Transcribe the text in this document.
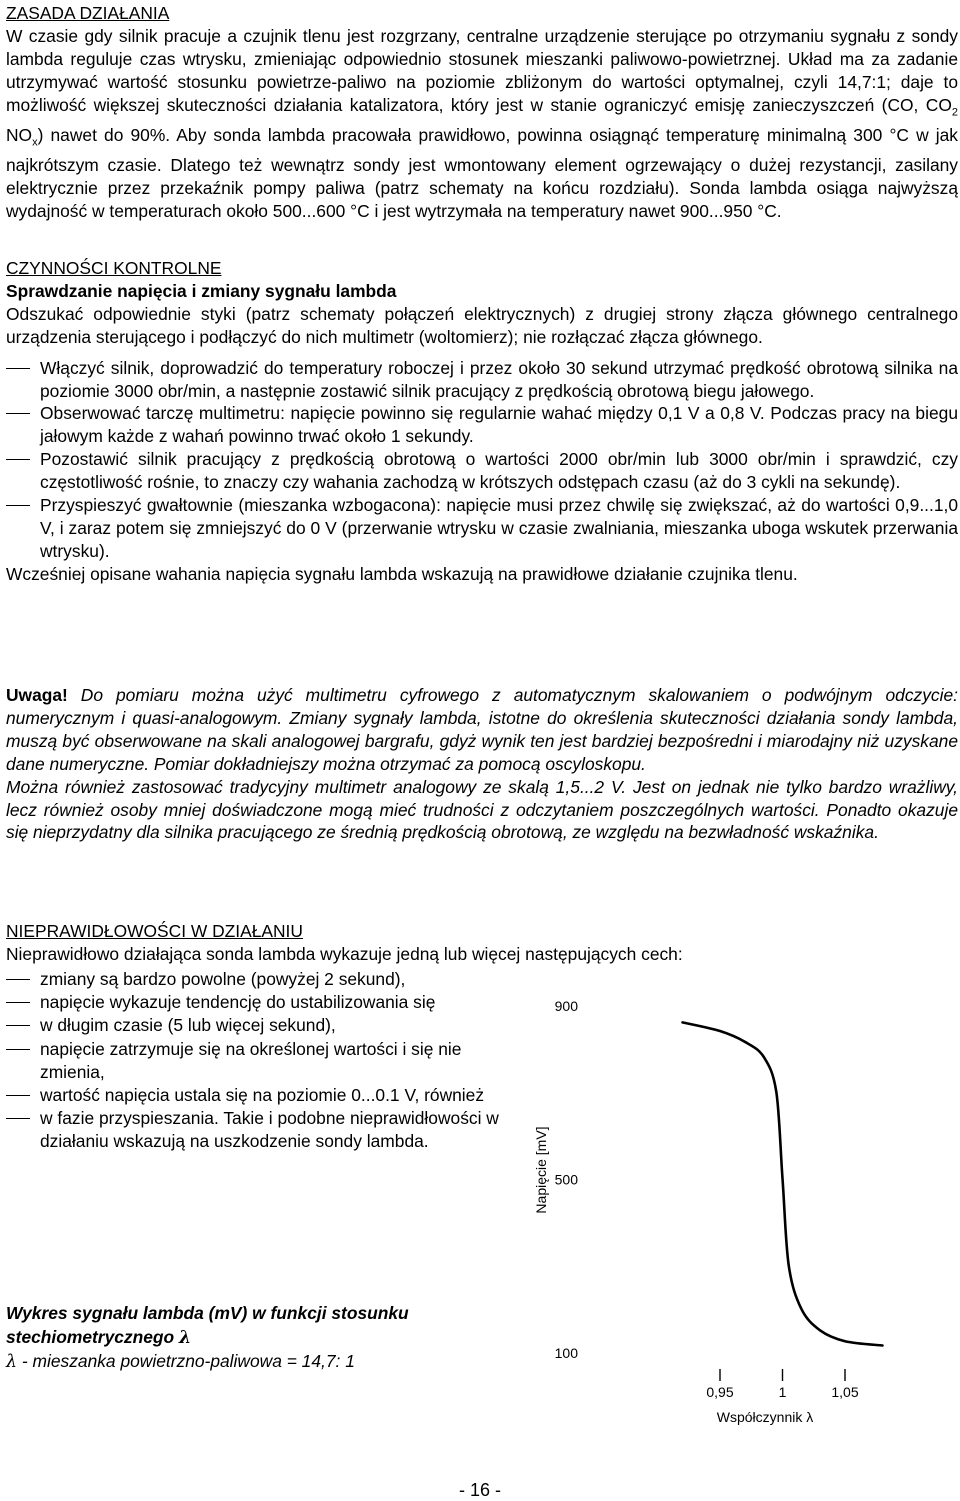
ZASADA DZIAŁANIA

W czasie gdy silnik pracuje a czujnik tlenu jest rozgrzany, centralne urządzenie sterujące po otrzymaniu sygnału z sondy lambda reguluje czas wtrysku, zmieniając odpowiednio stosunek mieszanki paliwowo-powietrznej. Układ ma za zadanie utrzymywać wartość stosunku powietrze-paliwo na poziomie zbliżonym do wartości optymalnej, czyli 14,7:1; daje to możliwość większej skuteczności działania katalizatora, który jest w stanie ograniczyć emisję zanieczyszczeń (CO, $CO_2$ $NO_x$) nawet do 90%. Aby sonda lambda pracowała prawidłowo, powinna osiągnąć temperaturę minimalną 300 °C w jak najkrótszym czasie. Dlatego też wewnątrz sondy jest wmontowany element ogrzewający o dużej rezystancji, zasilany elektrycznie przez przekaźnik pompy paliwa (patrz schematy na końcu rozdziału). Sonda lambda osiąga najwyższą wydajność w temperaturach około 500...600 °C i jest wytrzymała na temperatury nawet 900...950 °C.

CZYNNOŚCI KONTROLNE

Sprawdzanie napięcia i zmiany sygnału lambda

Odszukać odpowiednie styki (patrz schematy połączeń elektrycznych) z drugiej strony złącza głównego centralnego urządzenia sterującego i podłączyć do nich multimetr (woltomierz); nie rozłączać złącza głównego.

Włączyć silnik, doprowadzić do temperatury roboczej i przez około 30 sekund utrzymać prędkość obrotową silnika na poziomie 3000 obr/min, a następnie zostawić silnik pracujący z prędkością obrotową biegu jałowego.
Obserwować tarczę multimetru: napięcie powinno się regularnie wahać między 0,1 V a 0,8 V. Podczas pracy na biegu jałowym każde z wahań powinno trwać około 1 sekundy.
Pozostawić silnik pracujący z prędkością obrotową o wartości 2000 obr/min lub 3000 obr/min i sprawdzić, czy częstotliwość rośnie, to znaczy czy wahania zachodzą w krótszych odstępach czasu (aż do 3 cykli na sekundę).
Przyspieszyć gwałtownie (mieszanka wzbogacona): napięcie musi przez chwilę się zwiększać, aż do wartości 0,9...1,0 V, i zaraz potem się zmniejszyć do 0 V (przerwanie wtrysku w czasie zwalniania, mieszanka uboga wskutek przerwania wtrysku).

Wcześniej opisane wahania napięcia sygnału lambda wskazują na prawidłowe działanie czujnika tlenu.

Uwaga! Do pomiaru można użyć multimetru cyfrowego z automatycznym skalowaniem o podwójnym odczycie: numerycznym i quasi-analogowym. Zmiany sygnały lambda, istotne do określenia skuteczności działania sondy lambda, muszą być obserwowane na skali analogowej bargrafu, gdyż wynik ten jest bardziej bezpośredni i miarodajny niż uzyskane dane numeryczne. Pomiar dokładniejszy można otrzymać za pomocą oscyloskopu.

Można również zastosować tradycyjny multimetr analogowy ze skalą 1,5...2 V. Jest on jednak nie tylko bardzo wrażliwy, lecz również osoby mniej doświadczone mogą mieć trudności z odczytaniem poszczególnych wartości. Ponadto okazuje się nieprzydatny dla silnika pracującego ze średnią prędkością obrotową, ze względu na bezwładność wskaźnika.

NIEPRAWIDŁOWOŚCI W DZIAŁANIU

Nieprawidłowo działająca sonda lambda wykazuje jedną lub więcej następujących cech:

zmiany są bardzo powolne (powyżej 2 sekund),
napięcie wykazuje tendencję do ustabilizowania się
w długim czasie (5 lub więcej sekund),
napięcie zatrzymuje się na określonej wartości i się nie zmienia,
wartość napięcia ustala się na poziomie 0...0.1 V, również
w fazie przyspieszania. Takie i podobne nieprawidłowości w działaniu wskazują na uszkodzenie sondy lambda.

Wykres sygnału lambda (mV) w funkcji stosunku stechiometrycznego λ

λ - mieszanka powietrzno-paliwowa = 14,7: 1

900
500
100
Napięcie [mV]
0,95	1	1,05
Współczynnik λ
- 16 -
